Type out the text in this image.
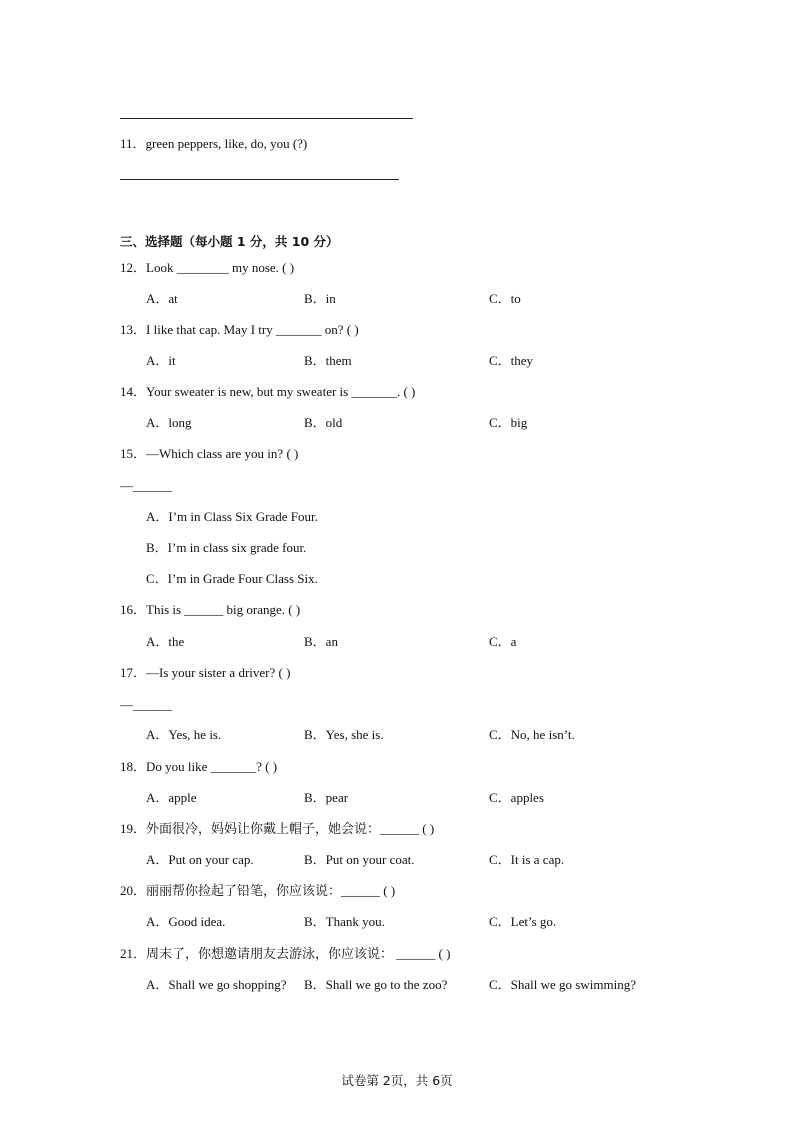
11．green peppers, like, do, you (?)
三、选择题（每小题 1 分，共 10 分）
12．Look ________ my nose. ( )
A．at	B．in	C．to
13．I like that cap. May I try _______ on? ( )
A．it	B．them	C．they
14．Your sweater is new, but my sweater is _______. ( )
A．long	B．old	C．big
15．—Which class are you in? ( )
—______
A．I’m in Class Six Grade Four.
B．I’m in class six grade four.
C．I’m in Grade Four Class Six.
16．This is ______ big orange. ( )
A．the	B．an	C．a
17．—Is your sister a driver? ( )
—______
A．Yes, he is.	B．Yes, she is.	C．No, he isn’t.
18．Do you like _______? ( )
A．apple	B．pear	C．apples
19．外面很冷，妈妈让你戴上帽子，她会说：______ ( )
A．Put on your cap.	B．Put on your coat.	C．It is a cap.
20．丽丽帮你捡起了铅笔，你应该说：______ ( )
A．Good idea.	B．Thank you.	C．Let’s go.
21．周末了，你想邀请朋友去游泳，你应该说： ______ ( )
A．Shall we go shopping? B．Shall we go to the zoo?	C．Shall we go swimming?
试卷第 2页，共 6页
